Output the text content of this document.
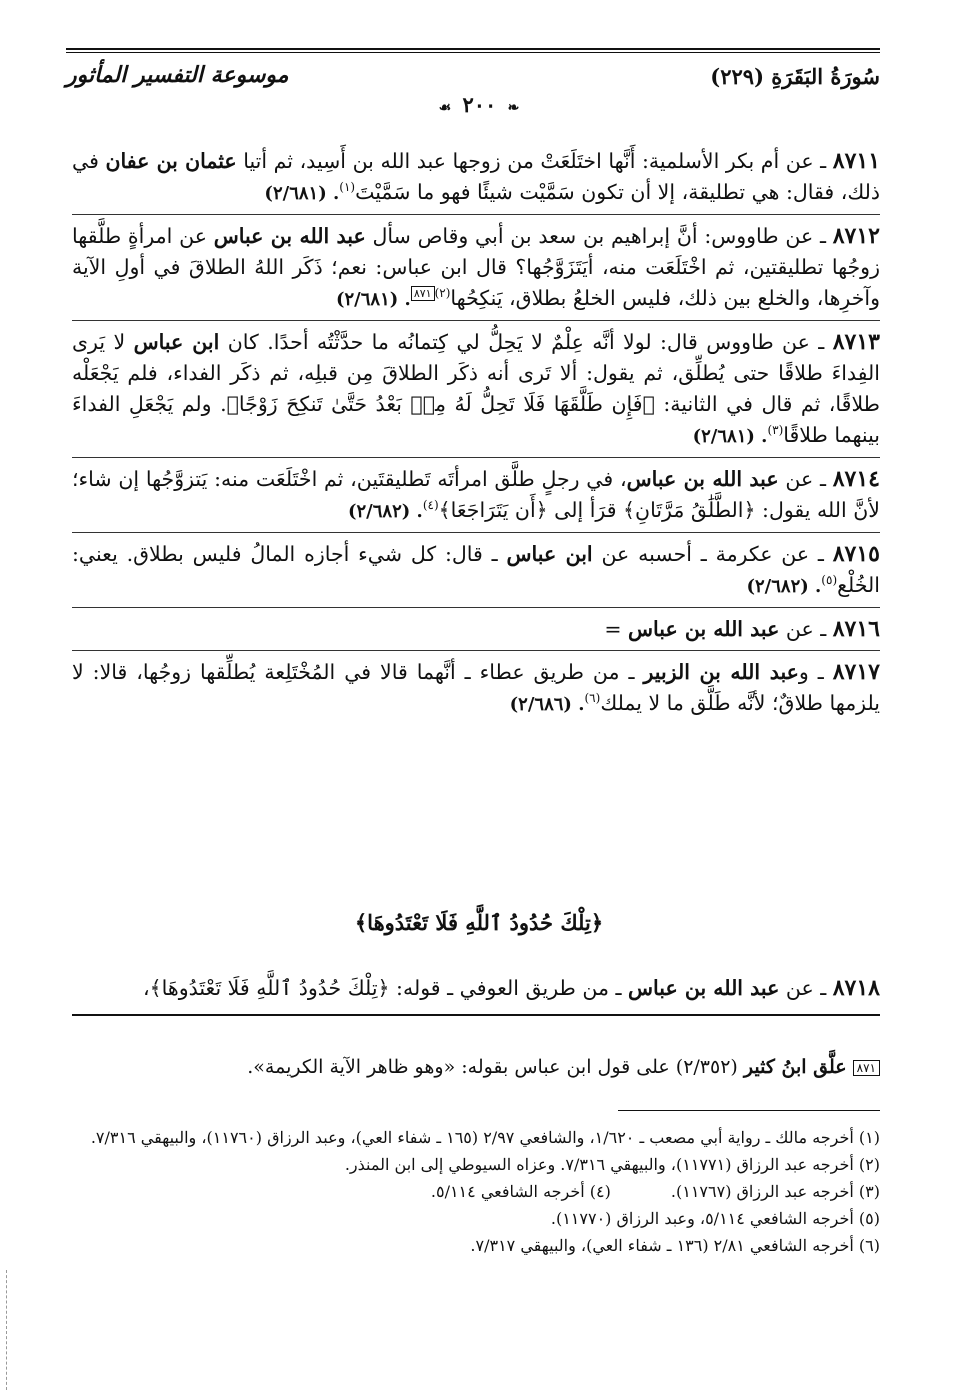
سُورَةُ البَقَرَةِ (٢٢٩)
موسوعة التفسير المأثور
❧ ٢٠٠ ☙

٨٧١١ ـ عن أم بكر الأسلمية: أَنَّها اختَلَعَتْ من زوجها عبد الله بن أَسِيد، ثم أتيا عثمان بن عفان في ذلك، فقال: هي تطليقة، إلا أن تكون سَمَّيْت شيئًا فهو ما سَمَّيْتَ$^{(١)}$. (٢/٦٨١)

٨٧١٢ ـ عن طاووس: أنَّ إبراهيم بن سعد بن أبي وقاص سأل عبد الله بن عباس عن امرأةٍ طلَّقها زوجُها تطليقتين، ثم اخْتَلَعَت منه، أيَتَزَوَّجُها؟ قال ابن عباس: نعم؛ ذَكَر اللهُ الطلاقَ في أولِ الآية وآخرِها، والخلع بين ذلك، فليس الخلعُ بطلاق، يَنكِحُها$^{(٢)}$٨٧١. (٢/٦٨١)

٨٧١٣ ـ عن طاووس قال: لولا أنَّه عِلْمٌ لا يَحِلُّ لي كِتمانُه ما حدَّثْتُه أحدًا. كان ابن عباس لا يَرى الفِداءَ طلاقًا حتى يُطلِّق، ثم يقول: ألا تَرى أنه ذكَر الطلاقَ مِن قبلِه، ثم ذكَر الفداء، فلم يَجْعَلْه طلاقًا، ثم قال في الثانية: ﴿فَإِن طَلَّقَهَا فَلَا تَحِلُّ لَهُ مِنۢ بَعْدُ حَتَّىٰ تَنكِحَ زَوْجًا﴾. ولم يَجْعَلِ الفداءَ بينهما طلاقًا$^{(٣)}$. (٢/٦٨١)

٨٧١٤ ـ عن عبد الله بن عباس، في رجلٍ طلَّق امرأتَه تَطليقتَين، ثم اخْتَلَعَت منه: يَتزوَّجُها إن شاء؛ لأنَّ الله يقول: ﴿الطَّلَٰقُ مَرَّتَانِ﴾ قرَأ إلى ﴿أَن يَتَرَاجَعَا﴾$^{(٤)}$. (٢/٦٨٢)

٨٧١٥ ـ عن عكرمة ـ أحسبه عن ابن عباس ـ قال: كل شيء أجازه المالُ فليس بطلاق. يعني: الخُلْع$^{(٥)}$. (٢/٦٨٢)

٨٧١٦ ـ عن عبد الله بن عباس =

٨٧١٧ ـ وعبد الله بن الزبير ـ من طريق عطاء ـ أنَّهما قالا في المُخْتَلِعة يُطلِّقها زوجُها، قالا: لا يلزمها طلاقٌ؛ لأنَّه طَلَّق ما لا يملك$^{(٦)}$. (٢/٦٨٦)

﴿تِلْكَ حُدُودُ ٱللَّهِ فَلَا تَعْتَدُوهَا﴾
٨٧١٨ ـ عن عبد الله بن عباس ـ من طريق العوفي ـ قوله: ﴿تِلْكَ حُدُودُ ٱللَّهِ فَلَا تَعْتَدُوهَا﴾،
٨٧١ علَّق ابنُ كثير (٢/٣٥٢) على قول ابن عباس بقوله: «وهو ظاهر الآية الكريمة».
(١) أخرجه مالك ـ رواية أبي مصعب ـ ١/٦٢٠، والشافعي ٢/٩٧ (١٦٥ ـ شفاء العي)، وعبد الرزاق (١١٧٦٠)، والبيهقي ٧/٣١٦.
(٢) أخرجه عبد الرزاق (١١٧٧١)، والبيهقي ٧/٣١٦. وعزاه السيوطي إلى ابن المنذر.
(٣) أخرجه عبد الرزاق (١١٧٦٧).
(٤) أخرجه الشافعي ٥/١١٤.
(٥) أخرجه الشافعي ٥/١١٤، وعبد الرزاق (١١٧٧٠).
(٦) أخرجه الشافعي ٢/٨١ (١٣٦ ـ شفاء العي)، والبيهقي ٧/٣١٧.
